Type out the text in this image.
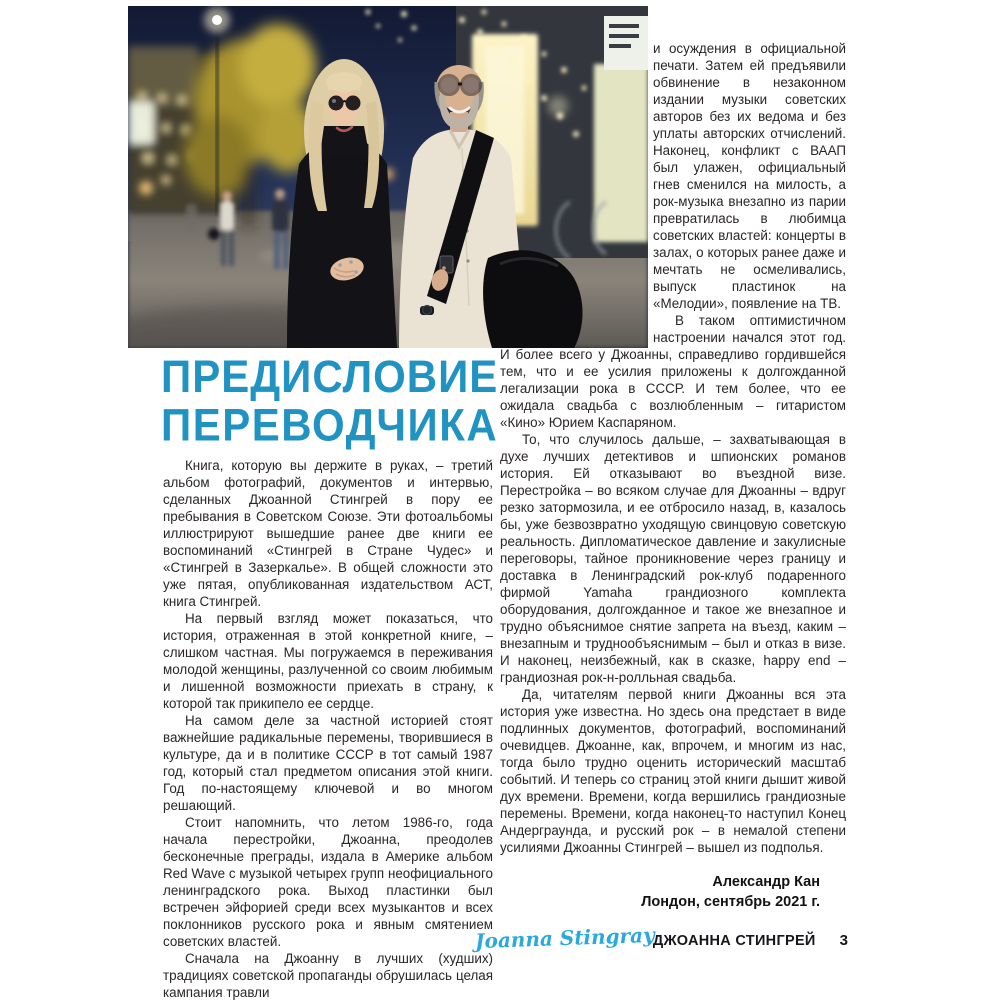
ПРЕДИСЛОВИЕ
ПЕРЕВОДЧИКА

Книга, которую вы держите в руках, – третий альбом фотографий, документов и интервью, сделанных Джоанной Стингрей в пору ее пребывания в Советском Союзе. Эти фотоальбомы иллюстрируют вышедшие ранее две книги ее воспоминаний «Стингрей в Стране Чудес» и «Стингрей в Зазеркалье». В общей сложности это уже пятая, опубликованная издательством АСТ, книга Стингрей.

На первый взгляд может показаться, что история, отраженная в этой конкретной книге, – слишком частная. Мы погружаемся в переживания молодой женщины, разлученной со своим любимым и лишенной возможности приехать в страну, к которой так прикипело ее сердце.

На самом деле за частной историей стоят важнейшие радикальные перемены, творившиеся в культуре, да и в политике СССР в тот самый 1987 год, который стал предметом описания этой книги. Год по-настоящему ключевой и во многом решающий.

Стоит напомнить, что летом 1986-го, года начала перестройки, Джоанна, преодолев бесконечные преграды, издала в Америке альбом Red Wave с музыкой четырех групп неофициального ленинградского рока. Выход пластинки был встречен эйфорией среди всех музыкантов и всех поклонников русского рока и явным смятением советских властей.

Сначала на Джоанну в лучших (худших) традициях советской пропаганды обрушилась целая кампания травли

и осуждения в официальной печати. Затем ей предъявили обвинение в незаконном издании музыки советских авторов без их ведома и без уплаты авторских отчислений. Наконец, конфликт с ВААП был улажен, официальный гнев сменился на милость, а рок-музыка внезапно из парии превратилась в любимца советских властей: концерты в залах, о которых ранее даже и мечтать не осмеливались, выпуск пластинок на «Мелодии», появление на ТВ.

В таком оптимистичном настроении начался этот год. И более всего у Джоанны, справедливо гордившейся тем, что и ее усилия приложены к долгожданной легализации рока в СССР. И тем более, что ее ожидала свадьба с возлюбленным – гитаристом «Кино» Юрием Каспаряном.

То, что случилось дальше, – захватывающая в духе лучших детективов и шпионских романов история. Ей отказывают во въездной визе. Перестройка – во всяком случае для Джоанны – вдруг резко затормозила, и ее отбросило назад, в, казалось бы, уже безвозвратно уходящую свинцовую советскую реальность. Дипломатическое давление и закулисные переговоры, тайное проникновение через границу и доставка в Ленинградский рок-клуб подаренного фирмой Yamaha грандиозного комплекта оборудования, долгожданное и такое же внезапное и трудно объяснимое снятие запрета на въезд, каким – внезапным и труднообъяснимым – был и отказ в визе. И наконец, неизбежный, как в сказке, happy end – грандиозная рок-н-ролльная свадьба.

Да, читателям первой книги Джоанны вся эта история уже известна. Но здесь она предстает в виде подлинных документов, фотографий, воспоминаний очевидцев. Джоанне, как, впрочем, и многим из нас, тогда было трудно оценить исторический масштаб событий. И теперь со страниц этой книги дышит живой дух времени. Времени, когда вершились грандиозные перемены. Времени, когда наконец-то наступил Конец Андерграунда, и русский рок – в немалой степени усилиями Джоанны Стингрей – вышел из подполья.

Александр Кан
Лондон, сентябрь 2021 г.
Joanna Stingray
ДЖОАННА СТИНГРЕЙ 3
